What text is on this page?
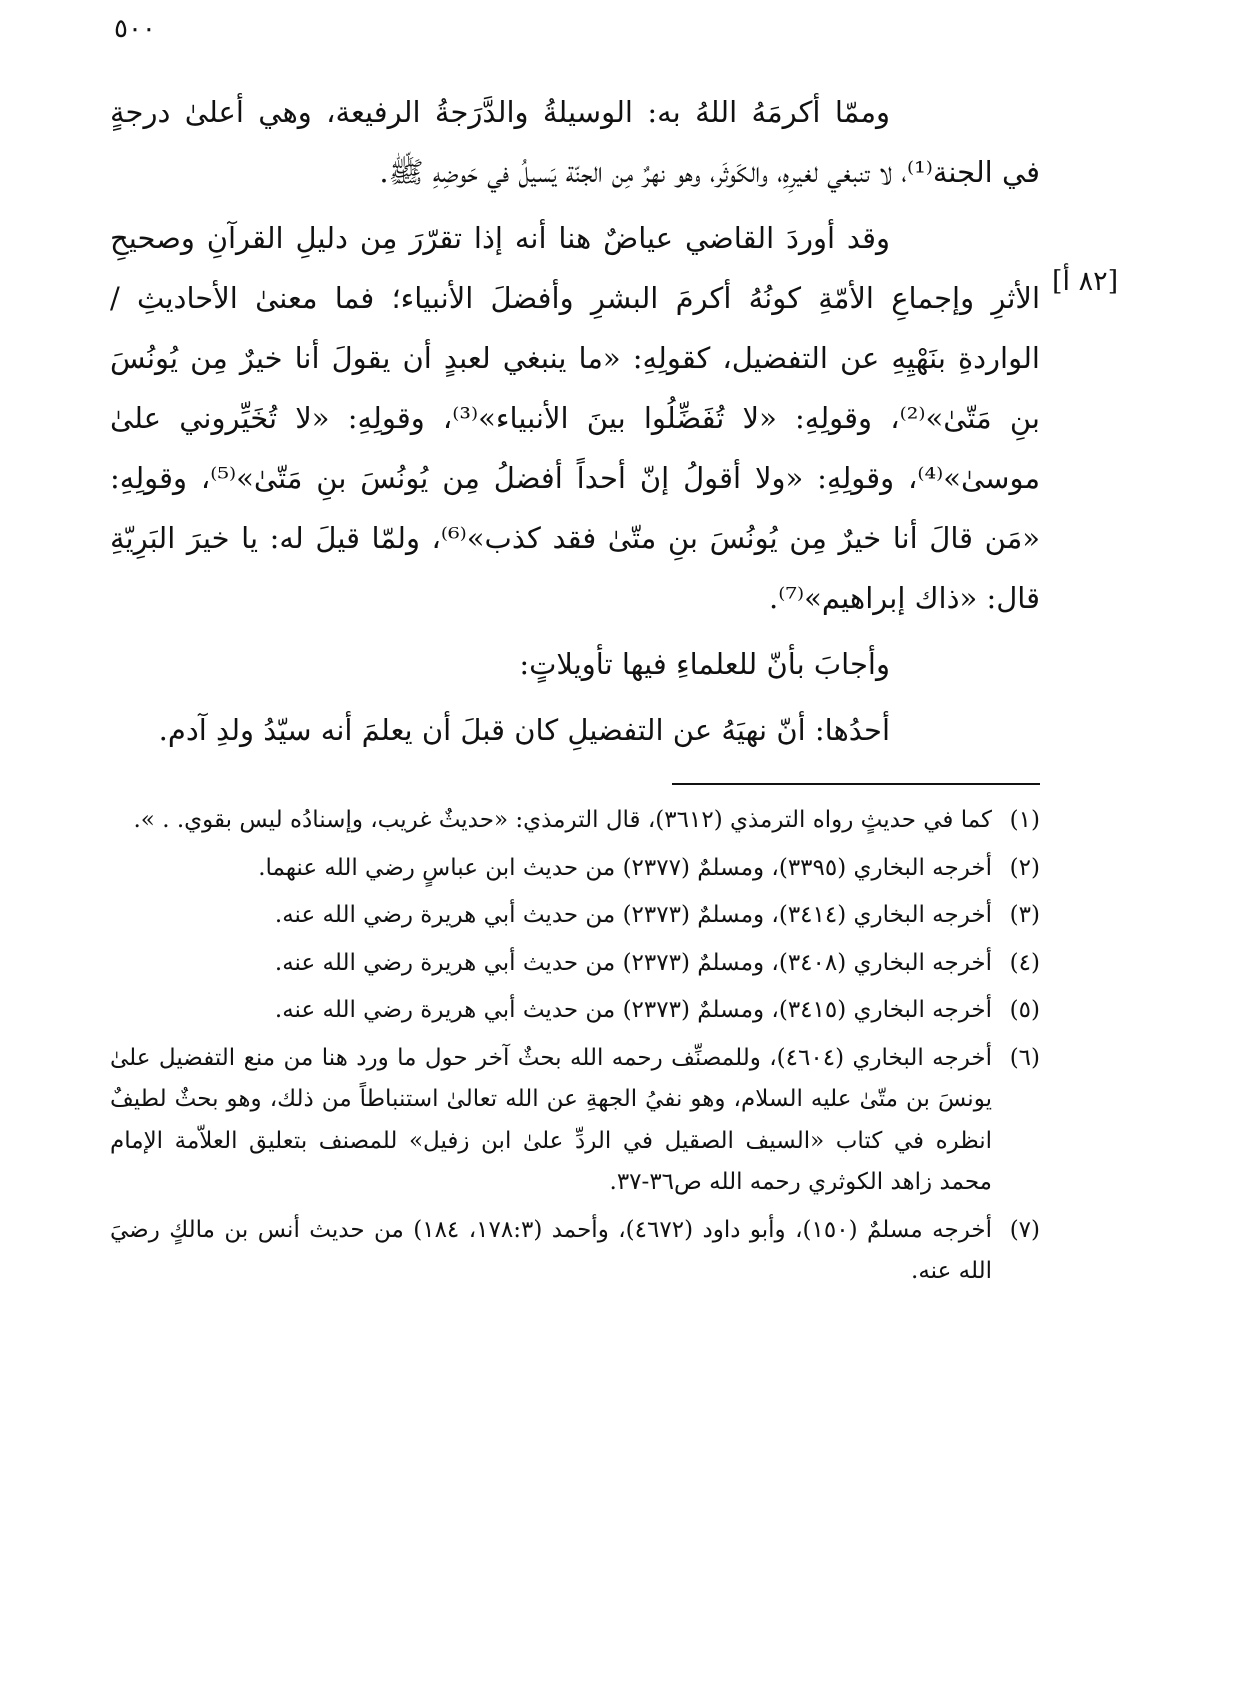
٥٠٠
[٨٢ أ]

وممّا أكرمَهُ اللهُ به: الوسيلةُ والدَّرَجةُ الرفيعة، وهي أعلىٰ درجةٍ في الجنة⁽¹⁾، لا تنبغي لغيرِهِ، والكَوثَر، وهو نهرٌ مِن الجنّة يَسيلُ في حَوضِهِ ﷺ.

وقد أوردَ القاضي عياضٌ هنا أنه إذا تقرّرَ مِن دليلِ القرآنِ وصحيحِ الأثرِ وإجماعِ الأمّةِ كونُهُ أكرمَ البشرِ وأفضلَ الأنبياء؛ فما معنىٰ الأحاديثِ / الواردةِ بنَهْيِهِ عن التفضيل، كقولِهِ: «ما ينبغي لعبدٍ أن يقولَ أنا خيرٌ مِن يُونُسَ بنِ مَتّىٰ»⁽²⁾، وقولِهِ: «لا تُفَضِّلُوا بينَ الأنبياء»⁽³⁾، وقولِهِ: «لا تُخَيِّروني علىٰ موسىٰ»⁽⁴⁾، وقولِهِ: «ولا أقولُ إنّ أحداً أفضلُ مِن يُونُسَ بنِ مَتّىٰ»⁽⁵⁾، وقولِهِ: «مَن قالَ أنا خيرٌ مِن يُونُسَ بنِ متّىٰ فقد كذب»⁽⁶⁾، ولمّا قيلَ له: يا خيرَ البَرِيّةِ قال: «ذاك إبراهيم»⁽⁷⁾.

وأجابَ بأنّ للعلماءِ فيها تأويلاتٍ:

أحدُها: أنّ نهيَهُ عن التفضيلِ كان قبلَ أن يعلمَ أنه سيّدُ ولدِ آدم.

(١)كما في حديثٍ رواه الترمذي (٣٦١٢)، قال الترمذي: «حديثٌ غريب، وإسنادُه ليس بقوي. . ».

(٢)أخرجه البخاري (٣٣٩٥)، ومسلمٌ (٢٣٧٧) من حديث ابن عباسٍ رضي الله عنهما.

(٣)أخرجه البخاري (٣٤١٤)، ومسلمٌ (٢٣٧٣) من حديث أبي هريرة رضي الله عنه.

(٤)أخرجه البخاري (٣٤٠٨)، ومسلمٌ (٢٣٧٣) من حديث أبي هريرة رضي الله عنه.

(٥)أخرجه البخاري (٣٤١٥)، ومسلمٌ (٢٣٧٣) من حديث أبي هريرة رضي الله عنه.

(٦)أخرجه البخاري (٤٦٠٤)، وللمصنِّف رحمه الله بحثٌ آخر حول ما ورد هنا من منع التفضيل علىٰ يونسَ بن متّىٰ عليه السلام، وهو نفيُ الجهةِ عن الله تعالىٰ استنباطاً من ذلك، وهو بحثٌ لطيفٌ انظره في كتاب «السيف الصقيل في الردِّ علىٰ ابن زفيل» للمصنف بتعليق العلاّمة الإمام محمد زاهد الكوثري رحمه الله ص٣٦-٣٧.

(٧)أخرجه مسلمٌ (١٥٠)، وأبو داود (٤٦٧٢)، وأحمد (١٧٨:٣، ١٨٤) من حديث أنس بن مالكٍ رضيَ الله عنه.
